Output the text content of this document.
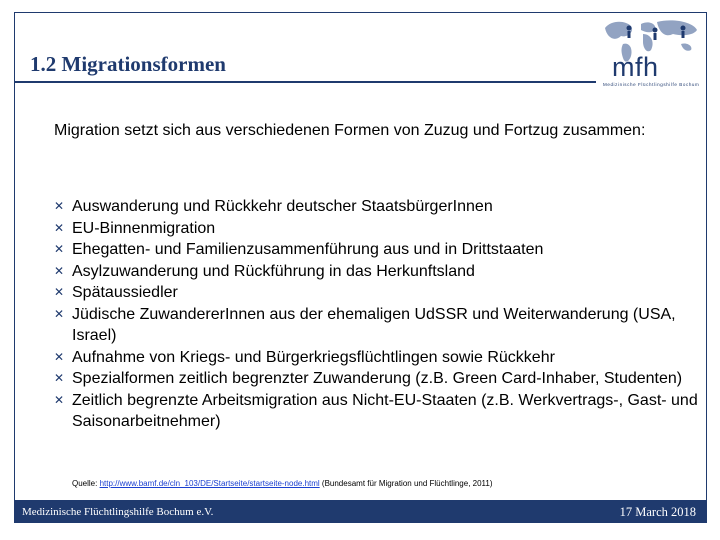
1.2 Migrationsformen	mfh
Medizinische Flüchtlingshilfe Bochum
Migration setzt sich aus verschiedenen Formen von Zuzug und Fortzug zusammen:
✕ Auswanderung und Rückkehr deutscher StaatsbürgerInnen
✕ EU-Binnenmigration
✕ Ehegatten- und Familienzusammenführung aus und in Drittstaaten
✕ Asylzuwanderung und Rückführung in das Herkunftsland
✕ Spätaussiedler
✕ Jüdische ZuwandererInnen aus der ehemaligen UdSSR und Weiterwanderung (USA, Israel)
✕ Aufnahme von Kriegs- und Bürgerkriegsflüchtlingen sowie Rückkehr
✕ Spezialformen zeitlich begrenzter Zuwanderung (z.B. Green Card-Inhaber, Studenten)
✕ Zeitlich begrenzte Arbeitsmigration aus Nicht-EU-Staaten (z.B. Werkvertrags-, Gast- und Saisonarbeitnehmer)
Quelle: http://www.bamf.de/cln_103/DE/Startseite/startseite-node.html (Bundesamt für Migration und Flüchtlinge, 2011)
Medizinische Flüchtlingshilfe Bochum e.V.	17 March 2018
